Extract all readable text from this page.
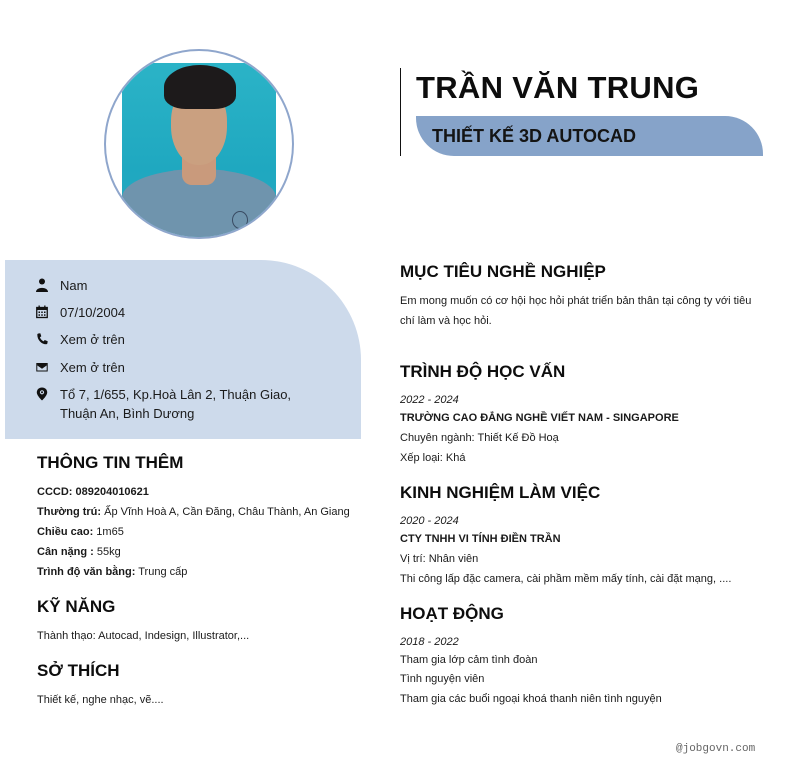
TRẦN VĂN TRUNG
THIẾT KẾ 3D AUTOCAD
Nam
07/10/2004
Xem ở trên
Xem ở trên
Tổ 7, 1/655, Kp.Hoà Lân 2, Thuận Giao, Thuận An, Bình Dương
THÔNG TIN THÊM
CCCD: 089204010621
Thường trú: Ấp Vĩnh Hoà A, Cần Đăng, Châu Thành, An Giang
Chiều cao: 1m65
Cân nặng : 55kg
Trình độ văn bằng: Trung cấp
KỸ NĂNG
Thành thạo: Autocad, Indesign, Illustrator,...
SỞ THÍCH
Thiết kế, nghe nhạc, vẽ....
MỤC TIÊU NGHỀ NGHIỆP
Em mong muốn có cơ hội học hỏi phát triển bản thân tại công ty với tiêu chí làm và học hỏi.
TRÌNH ĐỘ HỌC VẤN
2022 - 2024
TRƯỜNG CAO ĐẲNG NGHỀ VIẾT NAM - SINGAPORE
Chuyên ngành: Thiết Kế Đồ Hoạ
Xếp loại: Khá
KINH NGHIỆM LÀM VIỆC
2020 - 2024
CTY TNHH VI TÍNH ĐIỀN TRẦN
Vị trí: Nhân viên
Thi công lấp đặc camera, cài phầm mềm mấy tính, cài đặt mạng, ....
HOẠT ĐỘNG
2018 - 2022
Tham gia lớp cảm tình đoàn
Tình nguyện viên
Tham gia các buổi ngoại khoá thanh niên tình nguyện
@jobgovn.com
